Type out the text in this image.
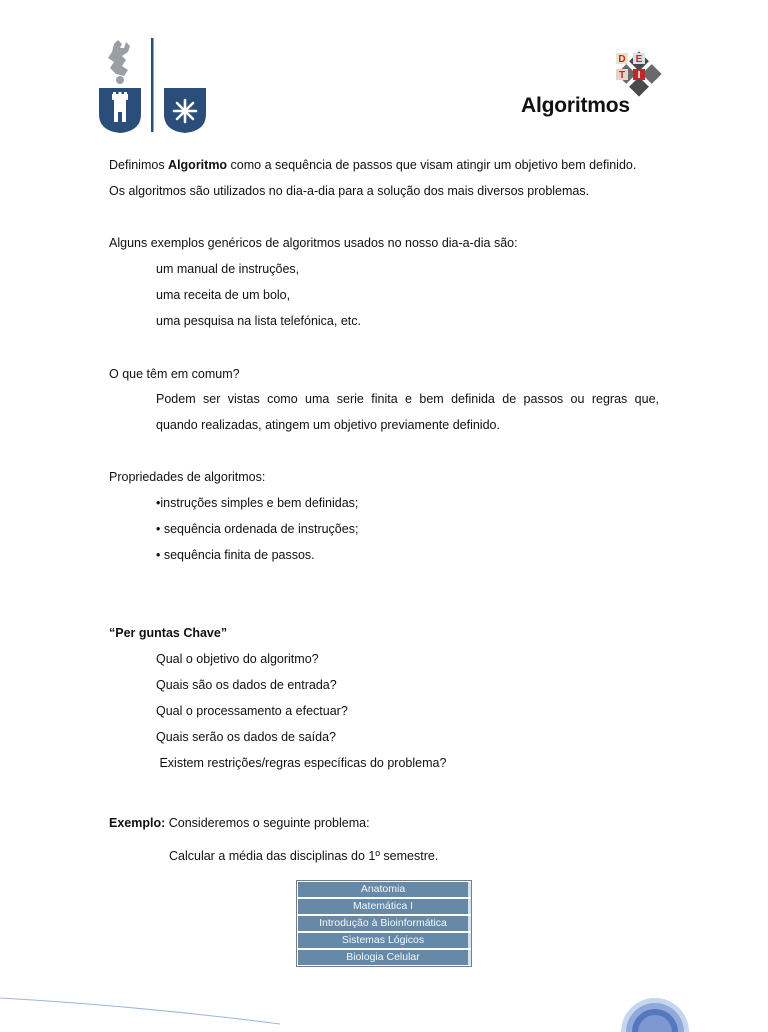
D E
T I
Algoritmos
Definimos Algoritmo como a sequência de passos que visam atingir um objetivo bem definido.
Os algoritmos são utilizados no dia-a-dia para a solução dos mais diversos problemas.
Alguns exemplos genéricos de algoritmos usados no nosso dia-a-dia são:
um manual de instruções,
uma receita de um bolo,
uma pesquisa na lista telefónica, etc.
O que têm em comum?
Podem ser vistas como uma serie finita e bem definida de passos ou regras que,
quando realizadas, atingem um objetivo previamente definido.
Propriedades de algoritmos:
•instruções simples e bem definidas;
• sequência ordenada de instruções;
• sequência finita de passos.
“Per guntas Chave”
Qual o objetivo do algoritmo?
Quais são os dados de entrada?
Qual o processamento a efectuar?
Quais serão os dados de saída?
Existem restrições/regras específicas do problema?
Exemplo: Consideremos o seguinte problema:
Calcular a média das disciplinas do 1º semestre.
Anatomia
Matemática I
Introdução à Bioinformática
Sistemas Lógicos
Biologia Celular
